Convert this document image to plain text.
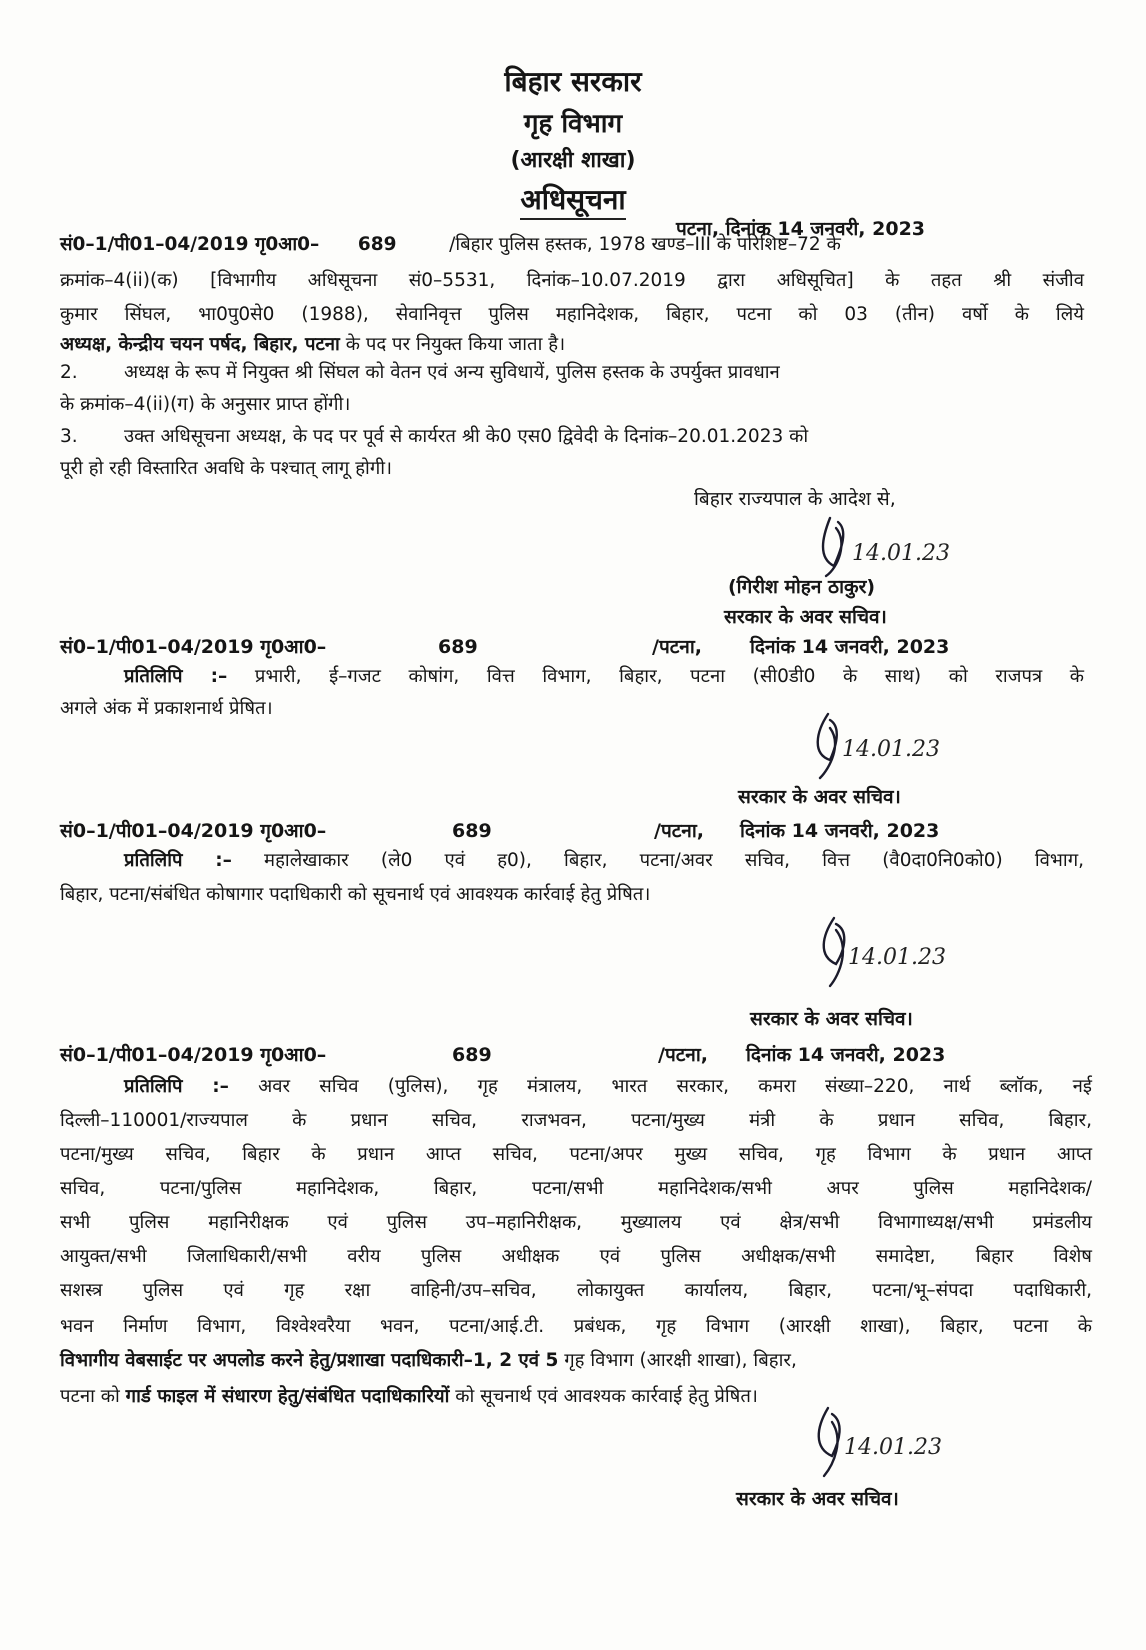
बिहार सरकार
गृह विभाग
(आरक्षी शाखा)
अधिसूचना
पटना, दिनांक 14 जनवरी, 2023
सं0–1/पी01–04/2019 गृ0आ0– 689	/बिहार पुलिस हस्तक, 1978 खण्ड–III के परिशिष्ट–72 के
क्रमांक–4(ii)(क) [विभागीय अधिसूचना सं0–5531, दिनांक–10.07.2019 द्वारा अधिसूचित] के तहत श्री संजीव
कुमार सिंघल, भा0पु0से0 (1988), सेवानिवृत्त पुलिस महानिदेशक, बिहार, पटना को 03 (तीन) वर्षो के लिये
अध्यक्ष, केन्द्रीय चयन पर्षद, बिहार, पटना के पद पर नियुक्त किया जाता है।
2.	अध्यक्ष के रूप में नियुक्त श्री सिंघल को वेतन एवं अन्य सुविधायें, पुलिस हस्तक के उपर्युक्त प्रावधान
के क्रमांक–4(ii)(ग) के अनुसार प्राप्त होंगी।
3.	उक्त अधिसूचना अध्यक्ष, के पद पर पूर्व से कार्यरत श्री के0 एस0 द्विवेदी के दिनांक–20.01.2023 को
पूरी हो रही विस्तारित अवधि के पश्चात् लागू होगी।
बिहार राज्यपाल के आदेश से,
14.01.23
(गिरीश मोहन ठाकुर)
सरकार के अवर सचिव।
सं0–1/पी01–04/2019 गृ0आ0–	689	/पटना,	दिनांक 14 जनवरी, 2023
प्रतिलिपि :– प्रभारी, ई–गजट कोषांग, वित्त विभाग, बिहार, पटना (सी0डी0 के साथ) को राजपत्र के
अगले अंक में प्रकाशनार्थ प्रेषित।
14.01.23
सरकार के अवर सचिव।
सं0–1/पी01–04/2019 गृ0आ0–	689	/पटना, दिनांक 14 जनवरी, 2023
प्रतिलिपि :– महालेखाकार (ले0 एवं ह0), बिहार, पटना/अवर सचिव, वित्त (वै0दा0नि0को0) विभाग,
बिहार, पटना/संबंधित कोषागार पदाधिकारी को सूचनार्थ एवं आवश्यक कार्रवाई हेतु प्रेषित।
14.01.23
सरकार के अवर सचिव।
सं0–1/पी01–04/2019 गृ0आ0–	689	/पटना, दिनांक 14 जनवरी, 2023
प्रतिलिपि :– अवर सचिव (पुलिस), गृह मंत्रालय, भारत सरकार, कमरा संख्या–220, नार्थ ब्लॉक, नई
दिल्ली–110001/राज्यपाल के प्रधान सचिव, राजभवन, पटना/मुख्य मंत्री के प्रधान सचिव, बिहार,
पटना/मुख्य सचिव, बिहार के प्रधान आप्त सचिव, पटना/अपर मुख्य सचिव, गृह विभाग के प्रधान आप्त
सचिव, पटना/पुलिस महानिदेशक, बिहार, पटना/सभी महानिदेशक/सभी अपर पुलिस महानिदेशक/
सभी पुलिस महानिरीक्षक एवं पुलिस उप–महानिरीक्षक, मुख्यालय एवं क्षेत्र/सभी विभागाध्यक्ष/सभी प्रमंडलीय
आयुक्त/सभी जिलाधिकारी/सभी वरीय पुलिस अधीक्षक एवं पुलिस अधीक्षक/सभी समादेष्टा, बिहार विशेष
सशस्त्र पुलिस एवं गृह रक्षा वाहिनी/उप–सचिव, लोकायुक्त कार्यालय, बिहार, पटना/भू–संपदा पदाधिकारी,
भवन निर्माण विभाग, विश्वेश्वरैया भवन, पटना/आई.टी. प्रबंधक, गृह विभाग (आरक्षी शाखा), बिहार, पटना के
विभागीय वेबसाईट पर अपलोड करने हेतु/प्रशाखा पदाधिकारी–1, 2 एवं 5 गृह विभाग (आरक्षी शाखा), बिहार,
पटना को गार्ड फाइल में संधारण हेतु/संबंधित पदाधिकारियों को सूचनार्थ एवं आवश्यक कार्रवाई हेतु प्रेषित।
14.01.23
सरकार के अवर सचिव।
